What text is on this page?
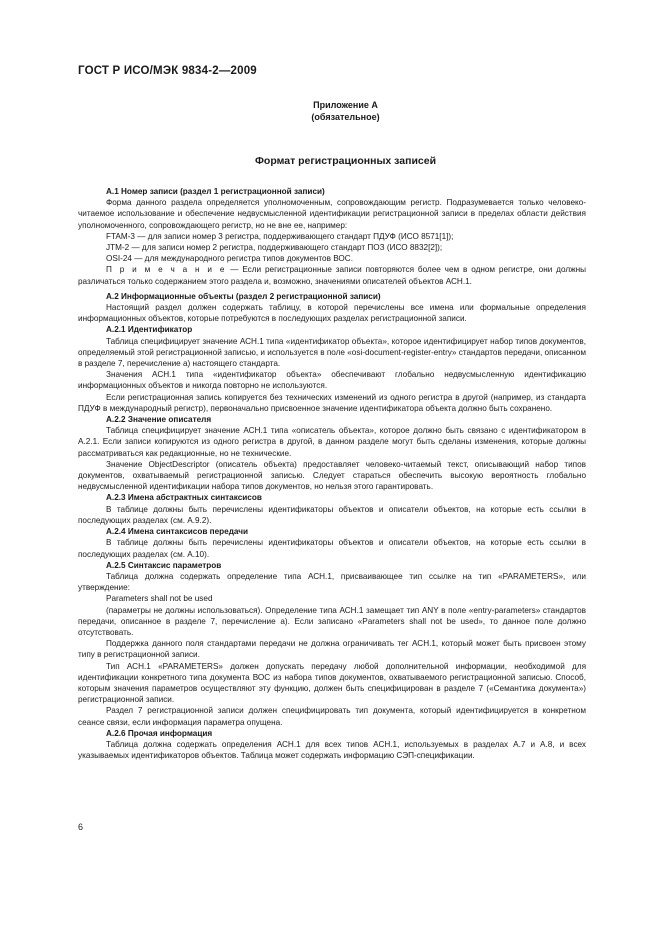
ГОСТ Р ИСО/МЭК 9834-2—2009
Приложение А
(обязательное)
Формат регистрационных записей

А.1 Номер записи (раздел 1 регистрационной записи)

Форма данного раздела определяется уполномоченным, сопровождающим регистр. Подразумевается только человеко-читаемое использование и обеспечение недвусмысленной идентификации регистрационной записи в пределах области действия уполномоченного, сопровождающего регистр, но не вне ее, например:

FTAM-3 — для записи номер 3 регистра, поддерживающего стандарт ПДУФ (ИСО 8571[1]);

JTM-2 — для записи номер 2 регистра, поддерживающего стандарт ПОЗ (ИСО 8832[2]);

OSI-24 — для международного регистра типов документов ВОС.

П р и м е ч а н и е — Если регистрационные записи повторяются более чем в одном регистре, они должны различаться только содержанием этого раздела и, возможно, значениями описателей объектов АСН.1.

А.2 Информационные объекты (раздел 2 регистрационной записи)

Настоящий раздел должен содержать таблицу, в которой перечислены все имена или формальные определения информационных объектов, которые потребуются в последующих разделах регистрационной записи.

А.2.1 Идентификатор

Таблица специфицирует значение АСН.1 типа «идентификатор объекта», которое идентифицирует набор типов документов, определяемый этой регистрационной записью, и используется в поле «osi-document-register-entry» стандартов передачи, описанном в разделе 7, перечисление а) настоящего стандарта.

Значения АСН.1 типа «идентификатор объекта» обеспечивают глобально недвусмысленную идентификацию информационных объектов и никогда повторно не используются.

Если регистрационная запись копируется без технических изменений из одного регистра в другой (например, из стандарта ПДУФ в международный регистр), первоначально присвоенное значение идентификатора объекта должно быть сохранено.

А.2.2 Значение описателя

Таблица специфицирует значение АСН.1 типа «описатель объекта», которое должно быть связано с идентификатором в А.2.1. Если записи копируются из одного регистра в другой, в данном разделе могут быть сделаны изменения, которые должны рассматриваться как редакционные, но не технические.

Значение ObjectDescriptor (описатель объекта) предоставляет человеко-читаемый текст, описывающий набор типов документов, охватываемый регистрационной записью. Следует стараться обеспечить высокую вероятность глобально недвусмысленной идентификации набора типов документов, но нельзя этого гарантировать.

А.2.3 Имена абстрактных синтаксисов

В таблице должны быть перечислены идентификаторы объектов и описатели объектов, на которые есть ссылки в последующих разделах (см. А.9.2).

А.2.4 Имена синтаксисов передачи

В таблице должны быть перечислены идентификаторы объектов и описатели объектов, на которые есть ссылки в последующих разделах (см. А.10).

А.2.5 Синтаксис параметров

Таблица должна содержать определение типа АСН.1, присваивающее тип ссылке на тип «PARAMETERS», или утверждение:

Parameters shall not be used

(параметры не должны использоваться). Определение типа АСН.1 замещает тип ANY в поле «entry-parameters» стандартов передачи, описанное в разделе 7, перечисление а). Если записано «Parameters shall not be used», то данное поле должно отсутствовать.

Поддержка данного поля стандартами передачи не должна ограничивать тег АСН.1, который может быть присвоен этому типу в регистрационной записи.

Тип АСН.1 «PARAMETERS» должен допускать передачу любой дополнительной информации, необходимой для идентификации конкретного типа документа ВОС из набора типов документов, охватываемого регистрационной записью. Способ, которым значения параметров осуществляют эту функцию, должен быть специфицирован в разделе 7 («Семантика документа») регистрационной записи.

Раздел 7 регистрационной записи должен специфицировать тип документа, который идентифицируется в конкретном сеансе связи, если информация параметра опущена.

А.2.6 Прочая информация

Таблица должна содержать определения АСН.1 для всех типов АСН.1, используемых в разделах А.7 и А.8, и всех указываемых идентификаторов объектов. Таблица может содержать информацию СЭП-спецификации.

6
